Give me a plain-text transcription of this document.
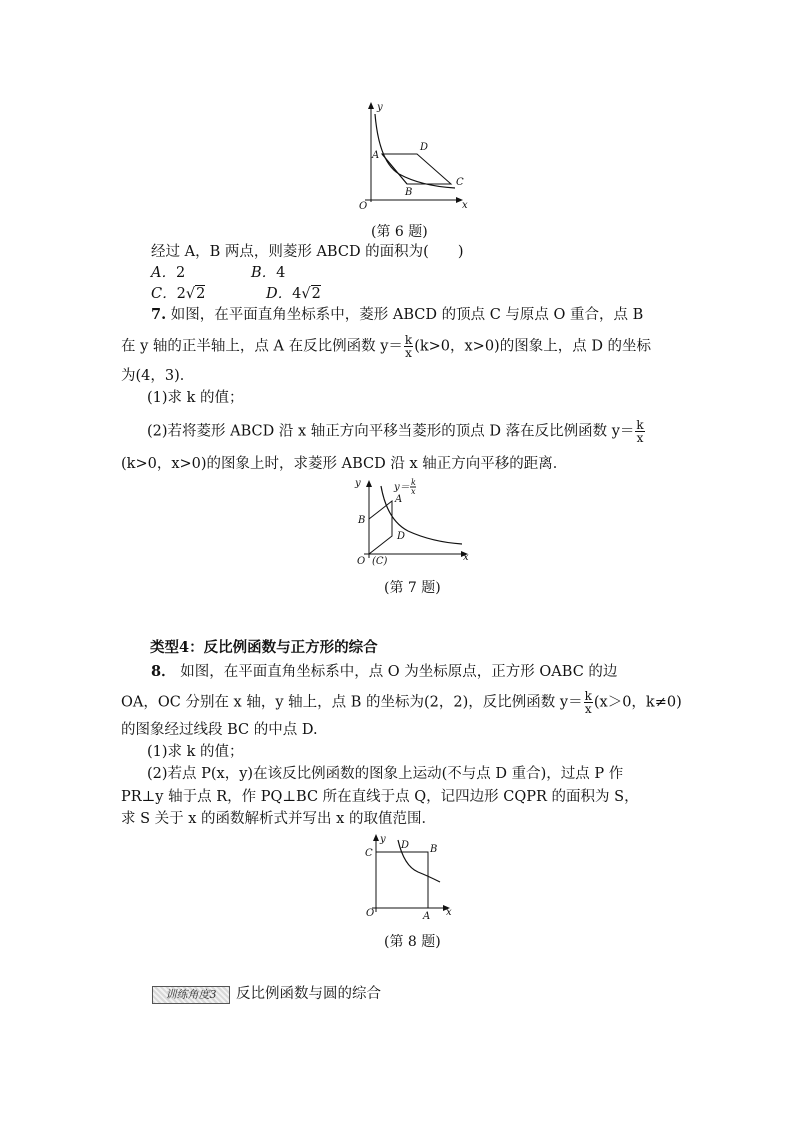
y
x
O
A
B
C
D
(第 6 题)
经过 A，B 两点，则菱形 ABCD 的面积为(　　)
A．2	B．4
C．2√2	D．4√2
7. 如图，在平面直角坐标系中，菱形 ABCD 的顶点 C 与原点 O 重合，点 B
在 y 轴的正半轴上，点 A 在反比例函数 $y= \frac{k}{x} (k>0$，x>0)的图象上，点 D 的坐标
为(4，3)．
(1)求 k 的值；
(2)若将菱形 ABCD 沿 x 轴正方向平移当菱形的顶点 D 落在反比例函数 $y= \frac{k}{x}$
(k>0，x>0)的图象上时，求菱形 ABCD 沿 x 轴正方向平移的距离．
y
x
O (C)
A
B
D
y＝ k
x
(第 7 题)
类型4：反比例函数与正方形的综合
8． 如图，在平面直角坐标系中，点 O 为坐标原点，正方形 OABC 的边
OA，OC 分别在 x 轴，y 轴上，点 B 的坐标为(2，2)，反比例函数 $y= \frac{k}{x} (x>0$，k≠0)
的图象经过线段 BC 的中点 D.
(1)求 k 的值；
(2)若点 P(x，y)在该反比例函数的图象上运动(不与点 D 重合)，过点 P 作
PR⊥y 轴于点 R，作 PQ⊥BC 所在直线于点 Q，记四边形 CQPR 的面积为 S，
求 S 关于 x 的函数解析式并写出 x 的取值范围．
y
x
O	A
B
C
D
(第 8 题)
训练角度3	反比例函数与圆的综合
